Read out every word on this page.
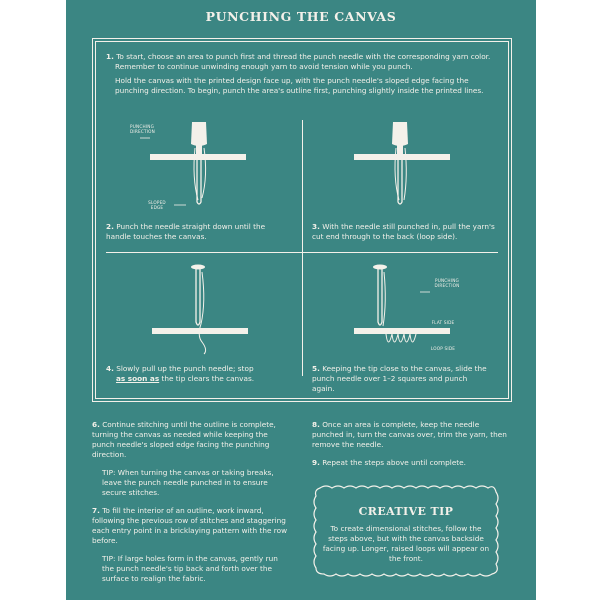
PUNCHING THE CANVAS

1. To start, choose an area to punch first and thread the punch needle with the corresponding yarn color. Remember to continue unwinding enough yarn to avoid tension while you punch.

Hold the canvas with the printed design face up, with the punch needle's sloped edge facing the punching direction. To begin, punch the area's outline first, punching slightly inside the printed lines.

PUNCHING DIRECTION
SLOPED EDGE
2. Punch the needle straight down until the handle touches the canvas.
3. With the needle still punched in, pull the yarn's cut end through to the back (loop side).
PUNCHING DIRECTION
FLAT SIDE
LOOP SIDE
4. Slowly pull up the punch needle; stop
as soon as the tip clears the canvas.
5. Keeping the tip close to the canvas, slide the punch needle over 1–2 squares and punch again.

6. Continue stitching until the outline is complete, turning the canvas as needed while keeping the punch needle's sloped edge facing the punching direction.

TIP: When turning the canvas or taking breaks, leave the punch needle punched in to ensure secure stitches.

7. To fill the interior of an outline, work inward, following the previous row of stitches and staggering each entry point in a bricklaying pattern with the row before.

TIP: If large holes form in the canvas, gently run the punch needle's tip back and forth over the surface to realign the fabric.

8. Once an area is complete, keep the needle punched in, turn the canvas over, trim the yarn, then remove the needle.

9. Repeat the steps above until complete.

CREATIVE TIP
To create dimensional stitches, follow the steps above, but with the canvas backside facing up. Longer, raised loops will appear on the front.
